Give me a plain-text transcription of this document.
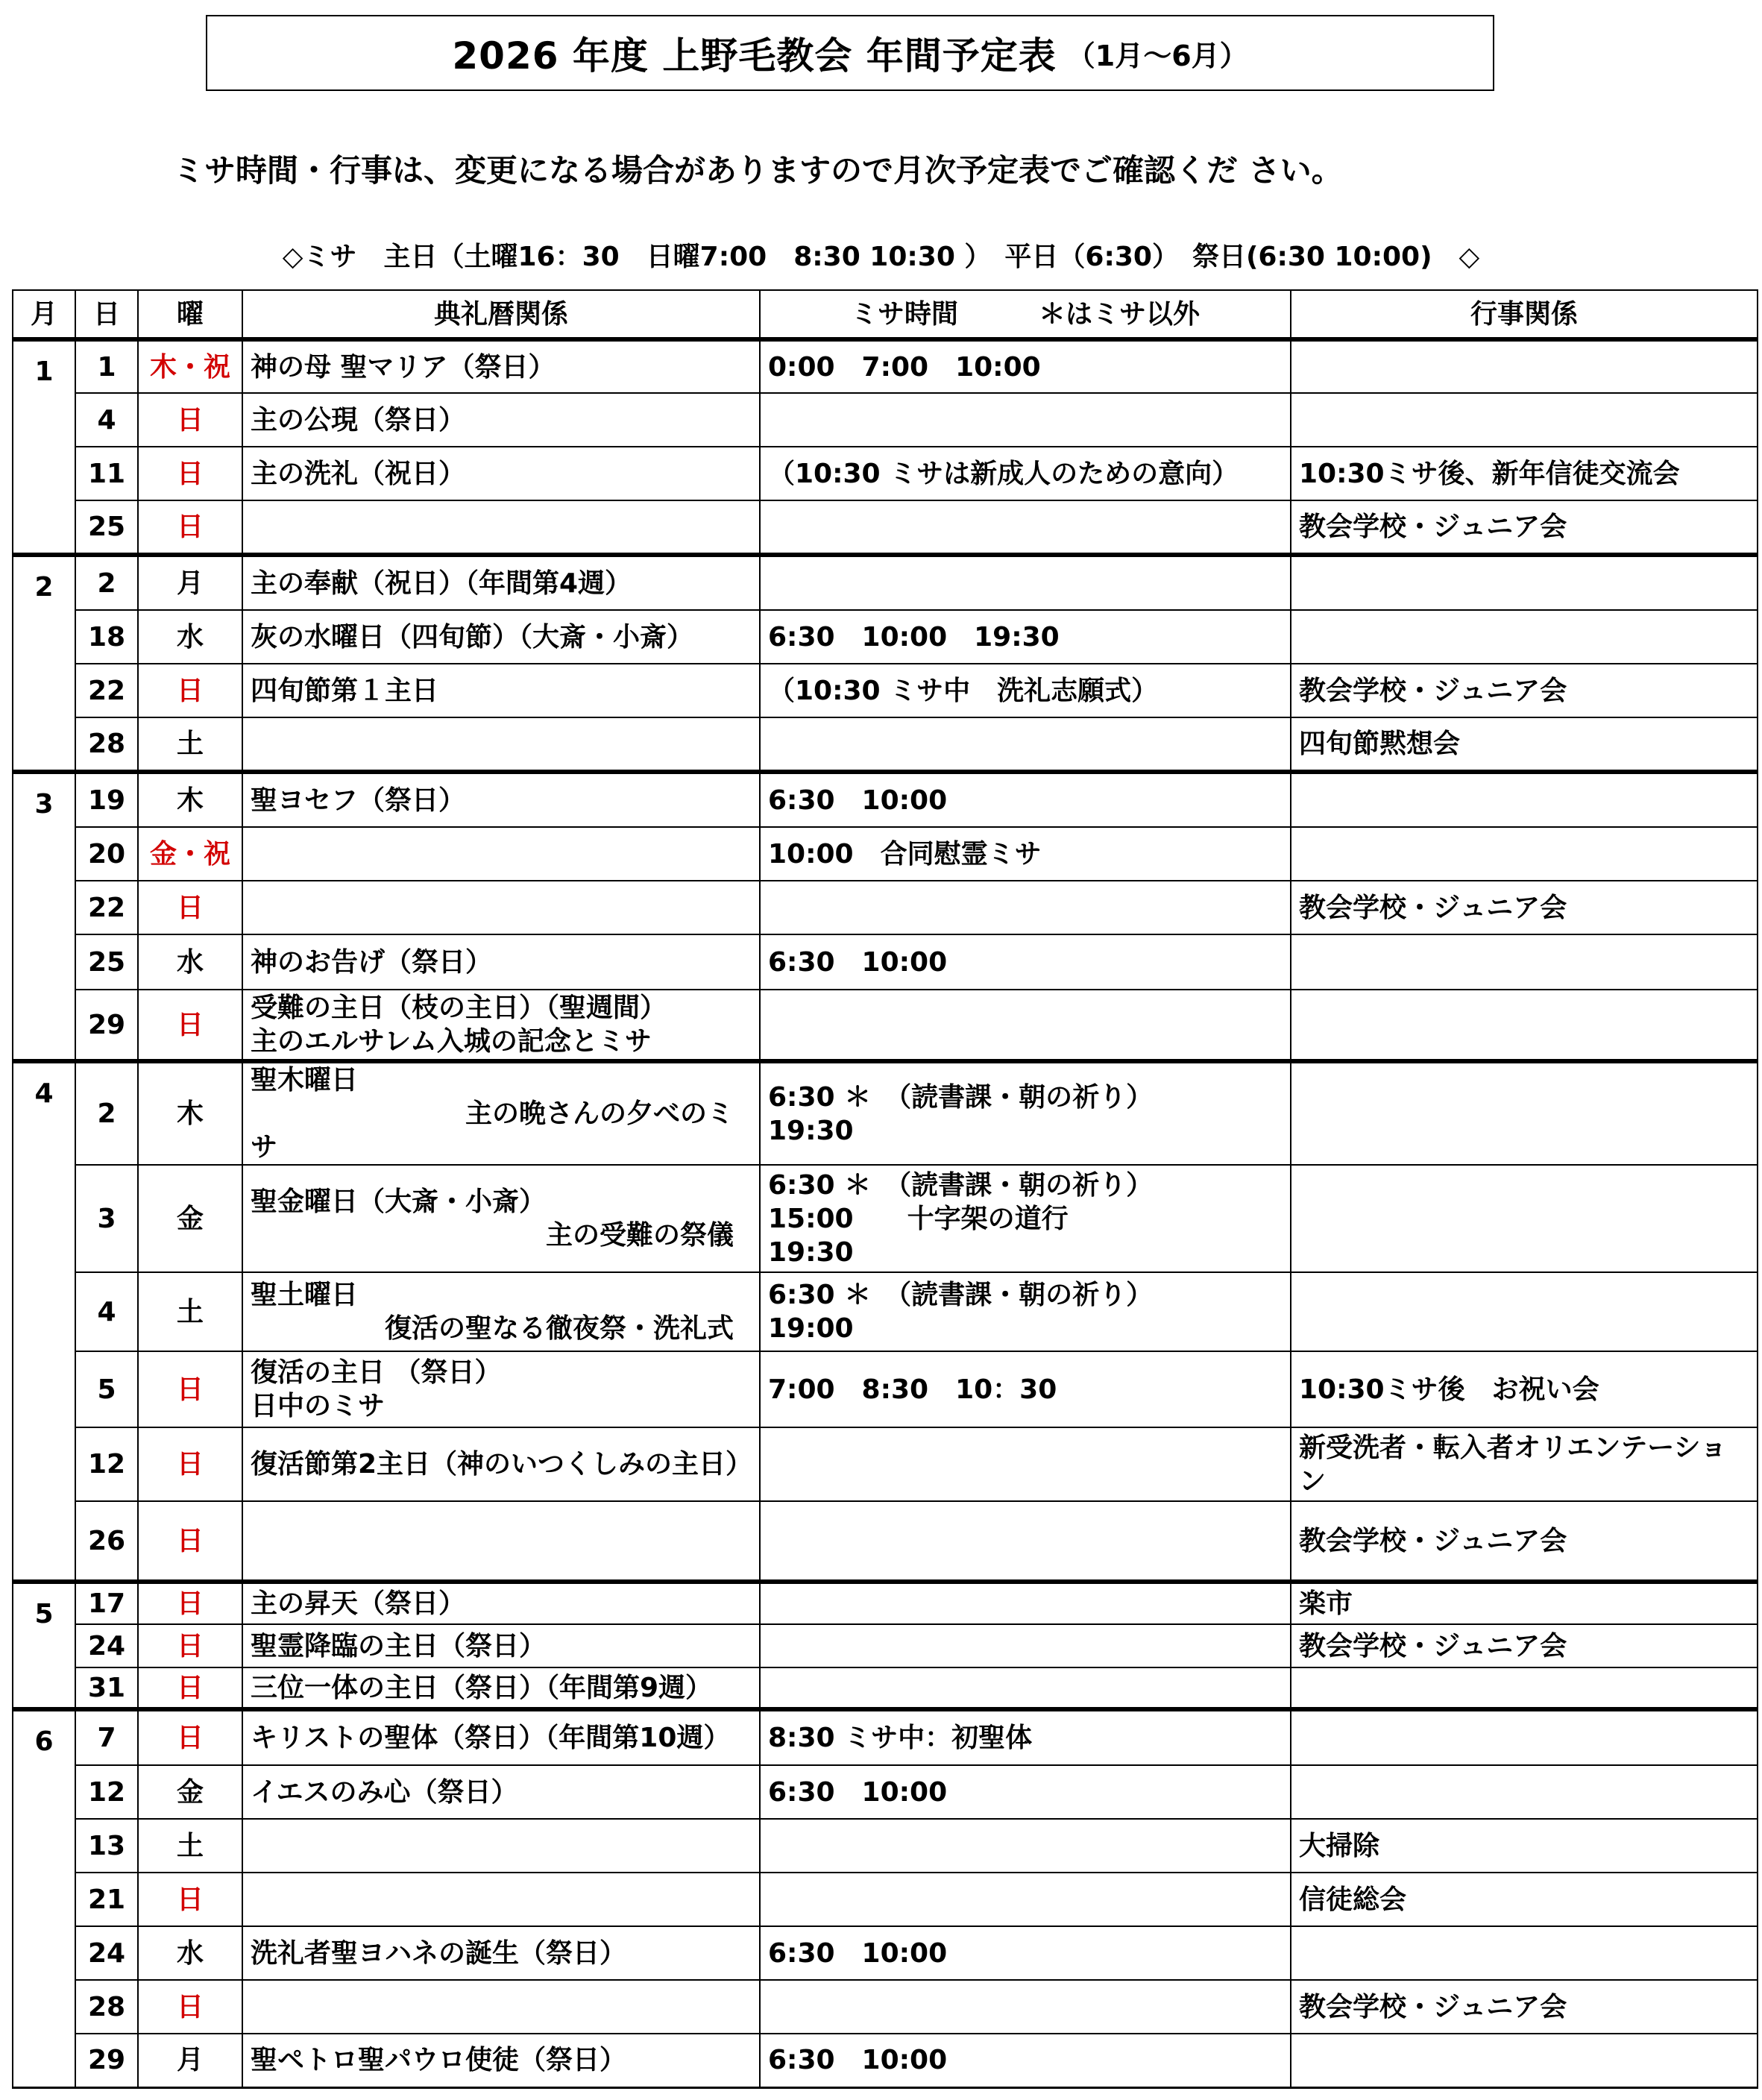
2026 年度 上野毛教会 年間予定表 （1月～6月）
ミサ時間・行事は、変更になる場合がありますので月次予定表でご確認くだ さい。
◇ミサ　主日（土曜16：30　日曜7:00　8:30 10:30 ）　平日（6:30）　祭日(6:30 10:00)　◇
月	日	曜	典礼暦関係	ミサ時間　　　＊はミサ以外	行事関係
1	1	木・祝	神の母 聖マリア（祭日）	0:00　7:00　10:00	
	4	日	主の公現（祭日）		
	11	日	主の洗礼（祝日）	（10:30 ミサは新成人のための意向）	10:30ミサ後、新年信徒交流会
	25	日			教会学校・ジュニア会
2	2	月	主の奉献（祝日）（年間第4週）		
	18	水	灰の水曜日（四旬節）（大斎・小斎）	6:30　10:00　19:30	
	22	日	四旬節第１主日	（10:30 ミサ中　洗礼志願式）	教会学校・ジュニア会
	28	土			四旬節黙想会
3	19	木	聖ヨセフ（祭日）	6:30　10:00	
	20	金・祝		10:00　合同慰霊ミサ	
	22	日			教会学校・ジュニア会
	25	水	神のお告げ（祭日）	6:30　10:00	
	29	日	受難の主日（枝の主日）（聖週間）
主のエルサレム入城の記念とミサ		
4	2	木	聖木曜日
　　　　　　　　主の晩さんの夕べのミサ	6:30 ＊　（読書課・朝の祈り）
19:30	
	3	金	聖金曜日（大斎・小斎）
　　　　　　　　　　　主の受難の祭儀	6:30 ＊　（読書課・朝の祈り）
15:00　　十字架の道行
19:30	
	4	土	聖土曜日
　　　　　復活の聖なる徹夜祭・洗礼式	6:30 ＊　（読書課・朝の祈り）
19:00	
	5	日	復活の主日 （祭日）
日中のミサ	7:00　8:30　10：30	10:30ミサ後　お祝い会
	12	日	復活節第2主日（神のいつくしみの主日）		新受洗者・転入者オリエンテーション
	26	日			教会学校・ジュニア会
5	17	日	主の昇天（祭日）		楽市
	24	日	聖霊降臨の主日（祭日）		教会学校・ジュニア会
	31	日	三位一体の主日（祭日）（年間第9週）		
6	7	日	キリストの聖体（祭日）（年間第10週）	8:30 ミサ中：初聖体	
	12	金	イエスのみ心（祭日）	6:30　10:00	
	13	土			大掃除
	21	日			信徒総会
	24	水	洗礼者聖ヨハネの誕生（祭日）	6:30　10:00	
	28	日			教会学校・ジュニア会
	29	月	聖ペトロ聖パウロ使徒（祭日）	6:30　10:00	
